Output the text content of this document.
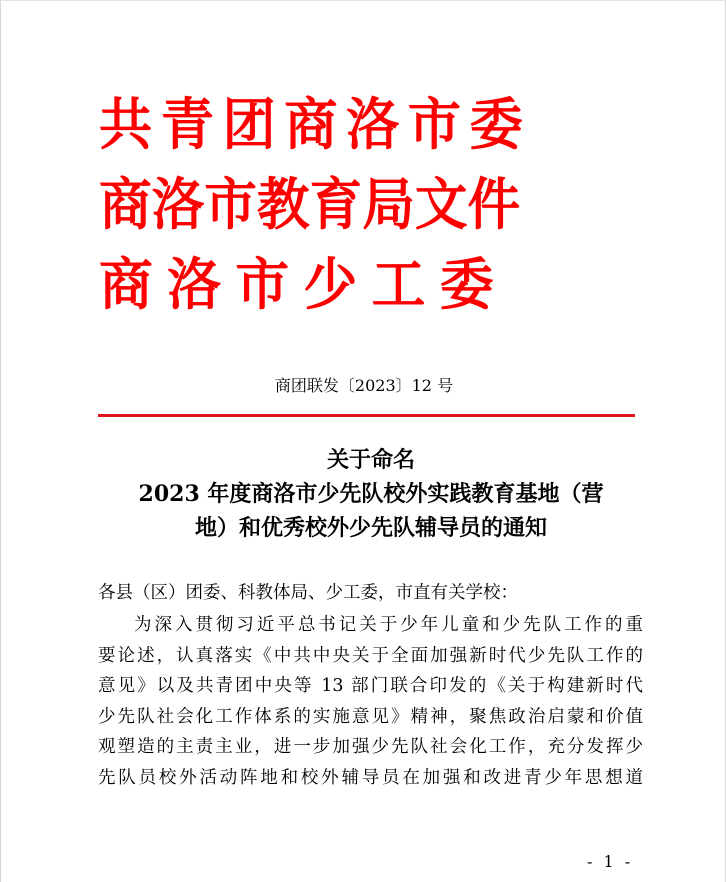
共青团商洛市委
商洛市教育局文件
商洛市少工委
商团联发〔2023〕12 号
关于命名
2023 年度商洛市少先队校外实践教育基地（营
地）和优秀校外少先队辅导员的通知
各县（区）团委、科教体局、少工委，市直有关学校：
为深入贯彻习近平总书记关于少年儿童和少先队工作的重
要论述，认真落实《中共中央关于全面加强新时代少先队工作的
意见》以及共青团中央等 13 部门联合印发的《关于构建新时代
少先队社会化工作体系的实施意见》精神，聚焦政治启蒙和价值
观塑造的主责主业，进一步加强少先队社会化工作，充分发挥少
先队员校外活动阵地和校外辅导员在加强和改进青少年思想道
- 1 -
